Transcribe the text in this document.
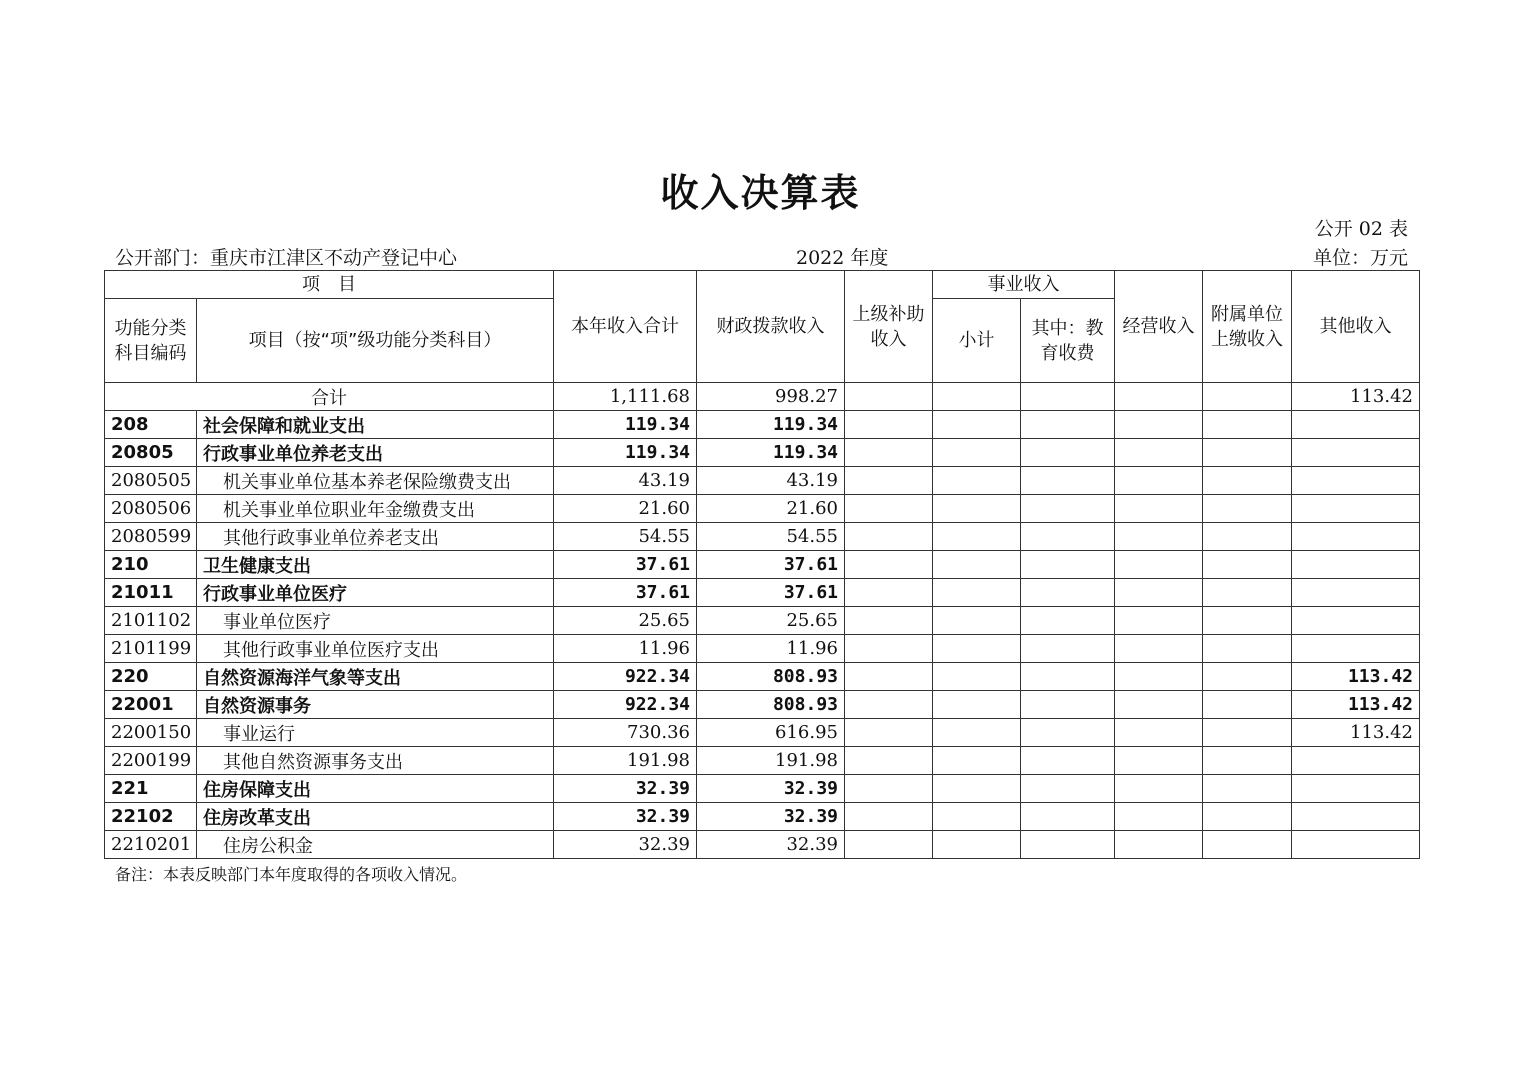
收入决算表
公开 02 表
公开部门：重庆市江津区不动产登记中心	2022 年度	单位：万元
项　目		本年收入合计	财政拨款收入	上级补助收入	事业收入		经营收入	附属单位上缴收入	其他收入
功能分类科目编码	项目（按“项”级功能分类科目）				小计	其中：教育收费			
合计		1,111.68	998.27						113.42
208	社会保障和就业支出	119.34	119.34						
20805	行政事业单位养老支出	119.34	119.34						
2080505	机关事业单位基本养老保险缴费支出	43.19	43.19						
2080506	机关事业单位职业年金缴费支出	21.60	21.60						
2080599	其他行政事业单位养老支出	54.55	54.55						
210	卫生健康支出	37.61	37.61						
21011	行政事业单位医疗	37.61	37.61						
2101102	事业单位医疗	25.65	25.65						
2101199	其他行政事业单位医疗支出	11.96	11.96						
220	自然资源海洋气象等支出	922.34	808.93						113.42
22001	自然资源事务	922.34	808.93						113.42
2200150	事业运行	730.36	616.95						113.42
2200199	其他自然资源事务支出	191.98	191.98						
221	住房保障支出	32.39	32.39						
22102	住房改革支出	32.39	32.39						
2210201	住房公积金	32.39	32.39						
备注：本表反映部门本年度取得的各项收入情况。
